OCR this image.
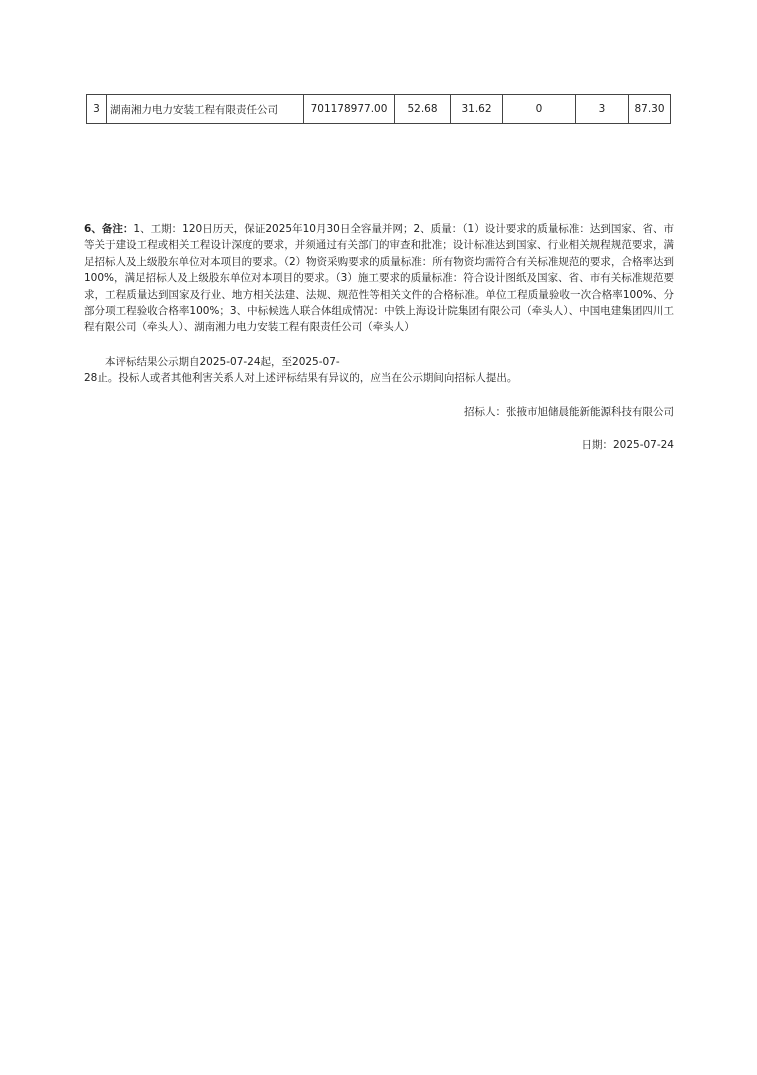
3	湖南湘力电力安装工程有限责任公司	701178977.00	52.68	31.62	0	3	87.30

6、备注：1、工期：120日历天，保证2025年10月30日全容量并网；2、质量：（1）设计要求的质量标准：达到国家、省、市等关于建设工程或相关工程设计深度的要求，并须通过有关部门的审查和批准；设计标准达到国家、行业相关规程规范要求，满足招标人及上级股东单位对本项目的要求。（2）物资采购要求的质量标准：所有物资均需符合有关标准规范的要求，合格率达到100%，满足招标人及上级股东单位对本项目的要求。（3）施工要求的质量标准：符合设计图纸及国家、省、市有关标准规范要求，工程质量达到国家及行业、地方相关法建、法规、规范性等相关文件的合格标准。单位工程质量验收一次合格率100%、分部分项工程验收合格率100%；3、中标候选人联合体组成情况：中铁上海设计院集团有限公司（牵头人）、中国电建集团四川工程有限公司（牵头人）、湖南湘力电力安装工程有限责任公司（牵头人）

本评标结果公示期自2025-07-24起，至2025-07-
28止。投标人或者其他利害关系人对上述评标结果有异议的，应当在公示期间向招标人提出。

招标人：张掖市旭储晨能新能源科技有限公司
日期：2025-07-24
